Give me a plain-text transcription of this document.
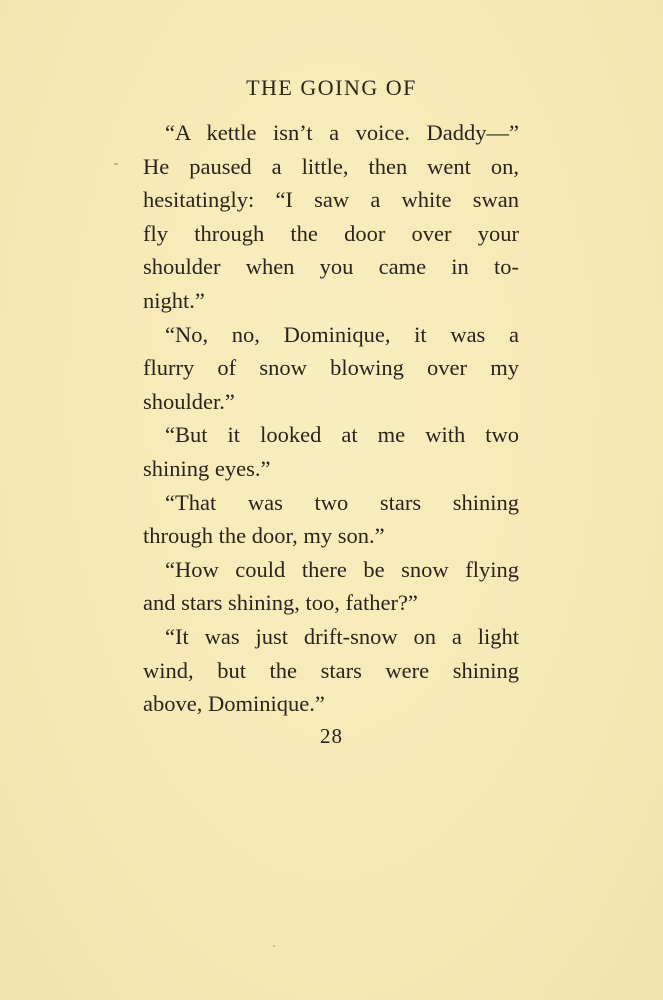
THE GOING OF

“A kettle isn’t a voice. Daddy—”
He paused a little, then went on,
hesitatingly: “I saw a white swan
fly through the door over your
shoulder when you came in to-
night.”

“No, no, Dominique, it was a
flurry of snow blowing over my
shoulder.”

“But it looked at me with two
shining eyes.”

“That was two stars shining
through the door, my son.”

“How could there be snow flying
and stars shining, too, father?”

“It was just drift-snow on a light
wind, but the stars were shining
above, Dominique.”

28
